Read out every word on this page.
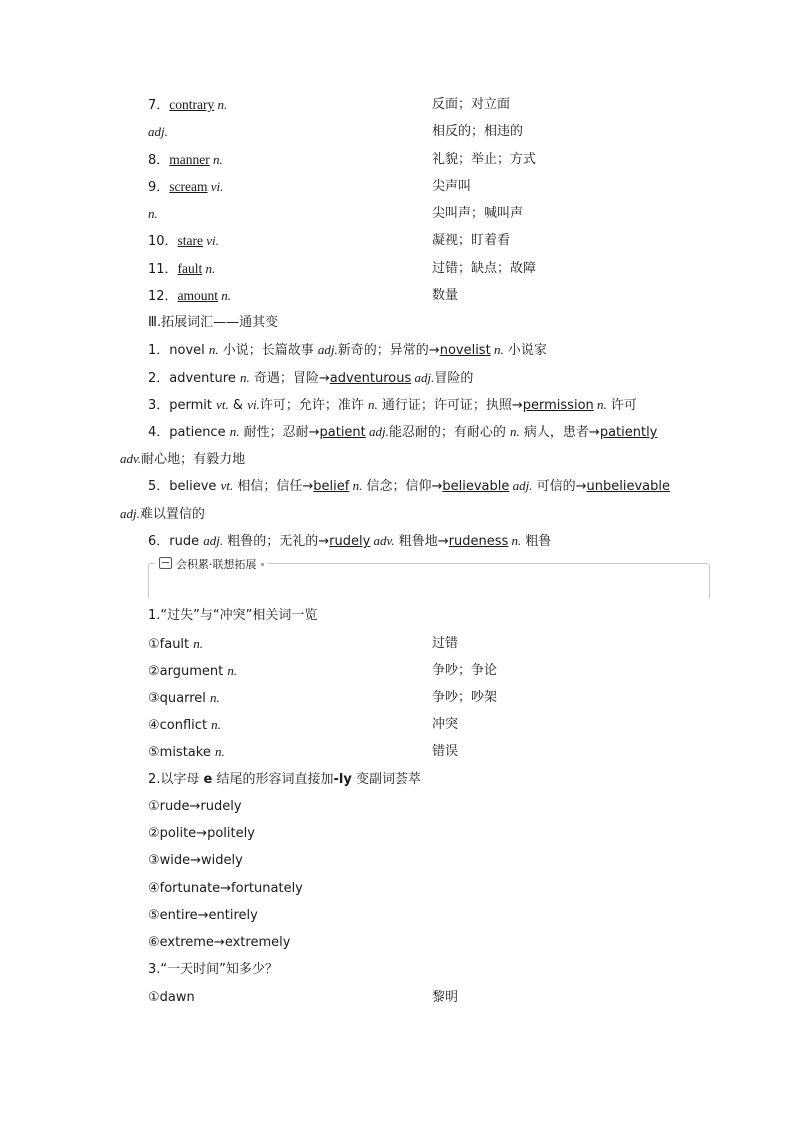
7．contrary n.	反面；对立面
adj.	相反的；相违的
8．manner n.	礼貌；举止；方式
9．scream vi.	尖声叫
n.	尖叫声；喊叫声
10．stare vi.	凝视；盯着看
11．fault n.	过错；缺点；故障
12．amount n.	数量
Ⅲ.拓展词汇——通其变
1．novel n. 小说；长篇故事 adj.新奇的；异常的→novelist n. 小说家
2．adventure n. 奇遇；冒险→adventurous adj.冒险的
3．permit vt. & vi.许可；允许；准许 n. 通行证；许可证；执照→permission n. 许可
4．patience n. 耐性；忍耐→patient adj.能忍耐的；有耐心的 n. 病人，患者→patiently
adv.耐心地；有毅力地
5．believe vt. 相信；信任→belief n. 信念；信仰→believable adj. 可信的→unbelievable
adj.难以置信的
6．rude adj. 粗鲁的；无礼的→rudely adv. 粗鲁地→rudeness n. 粗鲁
会积累·联想拓展
1.“过失”与“冲突”相关词一览
①fault n.	过错
②argument n.	争吵；争论
③quarrel n.	争吵；吵架
④conflict n.	冲突
⑤mistake n.	错误
2.以字母 e 结尾的形容词直接加-ly 变副词荟萃
①rude→rudely
②polite→politely
③wide→widely
④fortunate→fortunately
⑤entire→entirely
⑥extreme→extremely
3.“一天时间”知多少？
①dawn	黎明
